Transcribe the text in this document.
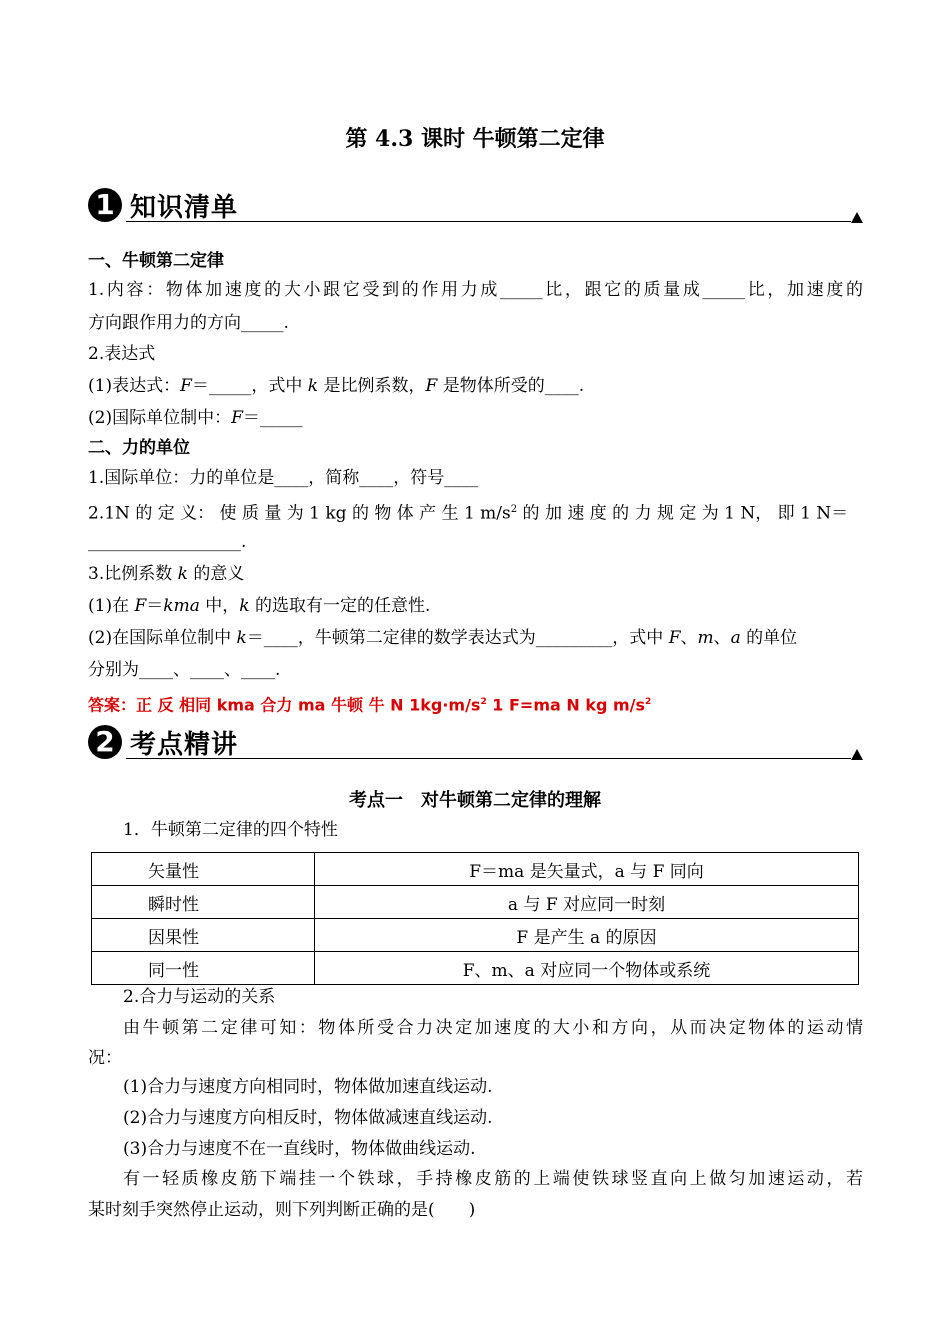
第 4.3 课时 牛顿第二定律
1 知识清单
一、牛顿第二定律
1.内容：物体加速度的大小跟它受到的作用力成_____比，跟它的质量成_____比，加速度的
方向跟作用力的方向_____.
2.表达式
(1)表达式：F＝_____，式中 k 是比例系数，F 是物体所受的____.
(2)国际单位制中：F＝_____
二、力的单位
1.国际单位：力的单位是____，简称____，符号____
2.1N 的 定 义： 使 质 量 为 1 kg 的 物 体 产 生 1 $m/s^2$ 的 加 速 度 的 力 规 定 为 1 N， 即 1 N＝
__________________.
3.比例系数 k 的意义
(1)在 F＝kma 中，k 的选取有一定的任意性.
(2)在国际单位制中 k＝____，牛顿第二定律的数学表达式为_________，式中 F、m、a 的单位
分别为____、____、____.
答案：正 反 相同 kma 合力 ma 牛顿 牛 N $1kg\cdot m/s^2$ 1 F=ma N kg $m/s^2$
2 考点精讲
考点一　对牛顿第二定律的理解
1．牛顿第二定律的四个特性
矢量性	F＝ma 是矢量式，a 与 F 同向
瞬时性	a 与 F 对应同一时刻
因果性	F 是产生 a 的原因
同一性	F、m、a 对应同一个物体或系统
2.合力与运动的关系
由牛顿第二定律可知：物体所受合力决定加速度的大小和方向，从而决定物体的运动情
况：
(1)合力与速度方向相同时，物体做加速直线运动.
(2)合力与速度方向相反时，物体做减速直线运动.
(3)合力与速度不在一直线时，物体做曲线运动.
有一轻质橡皮筋下端挂一个铁球，手持橡皮筋的上端使铁球竖直向上做匀加速运动，若
某时刻手突然停止运动，则下列判断正确的是(　　)
